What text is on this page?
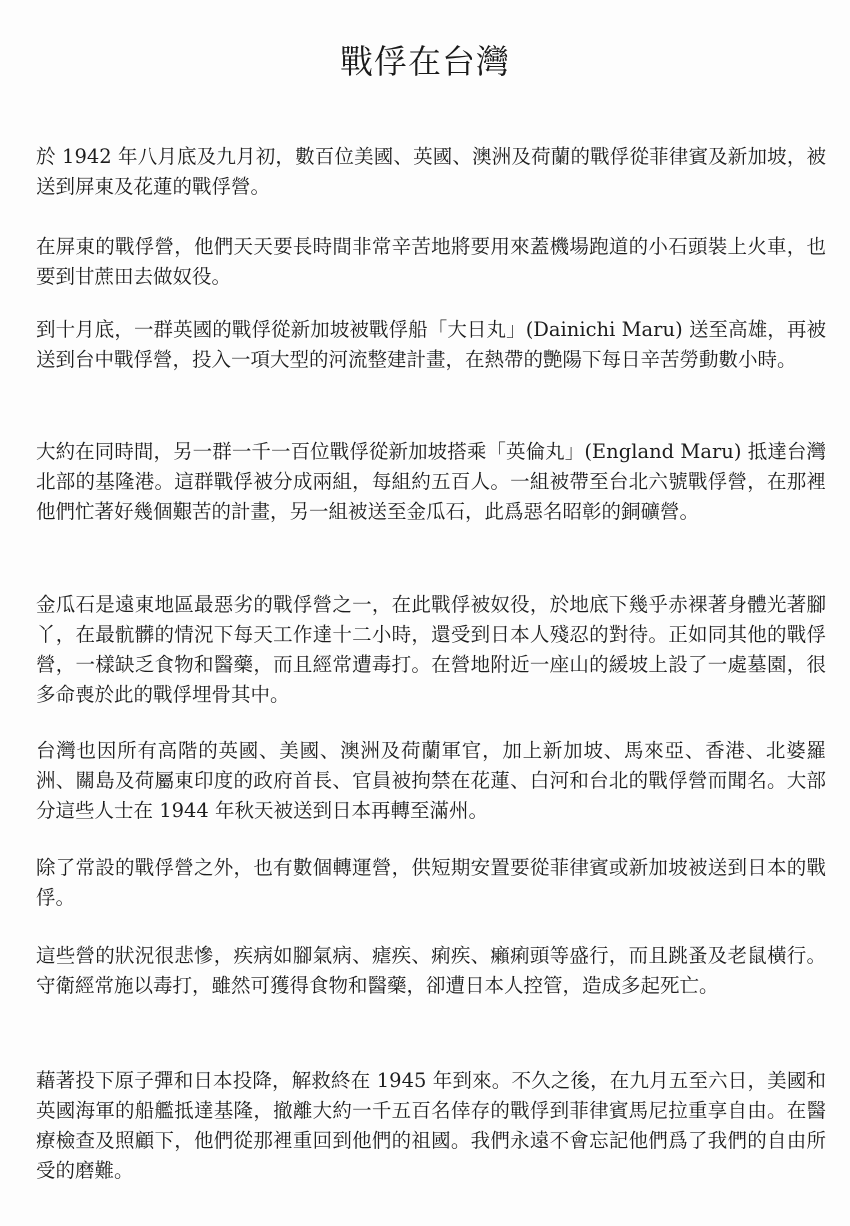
戰俘在台灣

於 1942 年八月底及九月初，數百位美國、英國、澳洲及荷蘭的戰俘從菲律賓及新加坡，被送到屏東及花蓮的戰俘營。

在屏東的戰俘營，他們天天要長時間非常辛苦地將要用來蓋機場跑道的小石頭裝上火車，也要到甘蔗田去做奴役。

到十月底，一群英國的戰俘從新加坡被戰俘船「大日丸」(Dainichi Maru) 送至高雄，再被送到台中戰俘營，投入一項大型的河流整建計畫，在熱帶的艷陽下每日辛苦勞動數小時。

大約在同時間，另一群一千一百位戰俘從新加坡搭乘「英倫丸」(England Maru) 抵達台灣北部的基隆港。這群戰俘被分成兩組，每組約五百人。一組被帶至台北六號戰俘營，在那裡他們忙著好幾個艱苦的計畫，另一組被送至金瓜石，此爲惡名昭彰的銅礦營。

金瓜石是遠東地區最惡劣的戰俘營之一，在此戰俘被奴役，於地底下幾乎赤裸著身體光著腳丫，在最骯髒的情況下每天工作達十二小時，還受到日本人殘忍的對待。正如同其他的戰俘營，一樣缺乏食物和醫藥，而且經常遭毒打。在營地附近一座山的緩坡上設了一處墓園，很多命喪於此的戰俘埋骨其中。

台灣也因所有高階的英國、美國、澳洲及荷蘭軍官，加上新加坡、馬來亞、香港、北婆羅洲、關島及荷屬東印度的政府首長、官員被拘禁在花蓮、白河和台北的戰俘營而聞名。大部分這些人士在 1944 年秋天被送到日本再轉至滿州。

除了常設的戰俘營之外，也有數個轉運營，供短期安置要從菲律賓或新加坡被送到日本的戰俘。

這些營的狀況很悲慘，疾病如腳氣病、瘧疾、痢疾、癩痢頭等盛行，而且跳蚤及老鼠橫行。守衛經常施以毒打，雖然可獲得食物和醫藥，卻遭日本人控管，造成多起死亡。

藉著投下原子彈和日本投降，解救終在 1945 年到來。不久之後，在九月五至六日，美國和英國海軍的船艦抵達基隆，撤離大約一千五百名倖存的戰俘到菲律賓馬尼拉重享自由。在醫療檢查及照顧下，他們從那裡重回到他們的祖國。我們永遠不會忘記他們爲了我們的自由所受的磨難。
